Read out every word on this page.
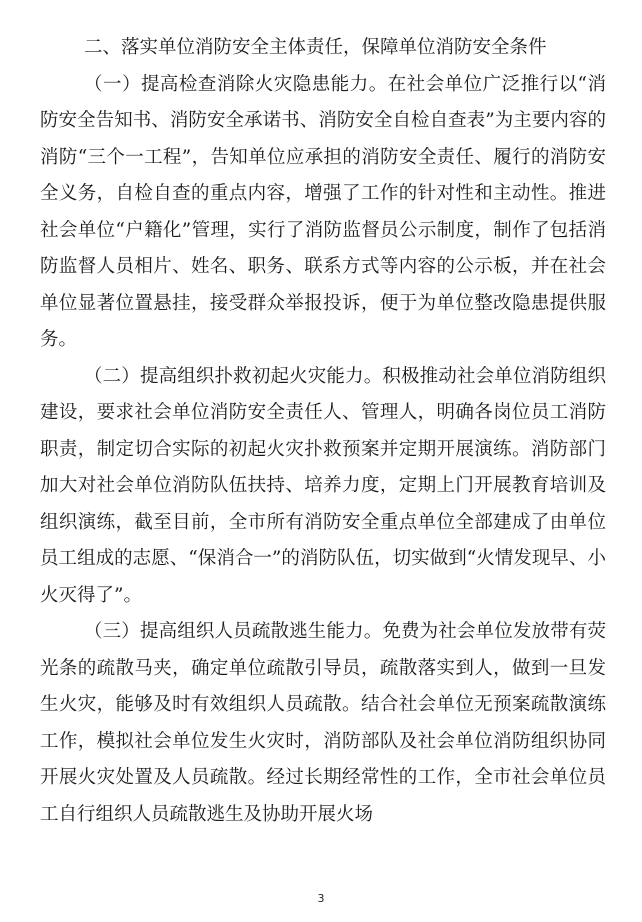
二、落实单位消防安全主体责任，保障单位消防安全条件

（一）提高检查消除火灾隐患能力。在社会单位广泛推行以“消防安全告知书、消防安全承诺书、消防安全自检自查表”为主要内容的消防“三个一工程”，告知单位应承担的消防安全责任、履行的消防安全义务，自检自查的重点内容，增强了工作的针对性和主动性。推进社会单位“户籍化”管理，实行了消防监督员公示制度，制作了包括消防监督人员相片、姓名、职务、联系方式等内容的公示板，并在社会单位显著位置悬挂，接受群众举报投诉，便于为单位整改隐患提供服务。

（二）提高组织扑救初起火灾能力。积极推动社会单位消防组织建设，要求社会单位消防安全责任人、管理人，明确各岗位员工消防职责，制定切合实际的初起火灾扑救预案并定期开展演练。消防部门加大对社会单位消防队伍扶持、培养力度，定期上门开展教育培训及组织演练，截至目前，全市所有消防安全重点单位全部建成了由单位员工组成的志愿、“保消合一”的消防队伍，切实做到“火情发现早、小火灭得了”。

（三）提高组织人员疏散逃生能力。免费为社会单位发放带有荧光条的疏散马夹，确定单位疏散引导员，疏散落实到人，做到一旦发生火灾，能够及时有效组织人员疏散。结合社会单位无预案疏散演练工作，模拟社会单位发生火灾时，消防部队及社会单位消防组织协同开展火灾处置及人员疏散。经过长期经常性的工作，全市社会单位员工自行组织人员疏散逃生及协助开展火场

3
